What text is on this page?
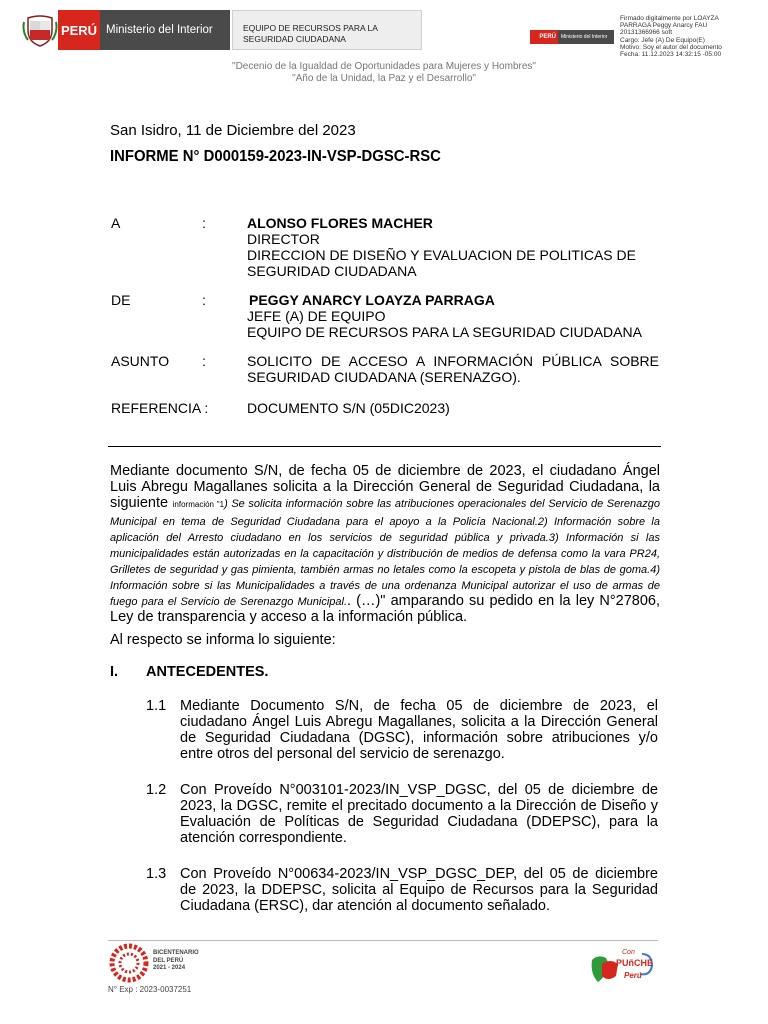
PERÚ Ministerio del Interior	EQUIPO DE RECURSOS PARA LA SEGURIDAD CIUDADANA	PERÚ	Ministerio del Interior
Firmado digitalmente por LOAYZA
PARRAGA Peggy Anarcy FAU
20131366966 soft
Cargo: Jefe (A) De Equipo(E)
Motivo: Soy el autor del documento
Fecha: 11.12.2023 14:32:15 -05:00
"Decenio de la Igualdad de Oportunidades para Mujeres y Hombres"
"Año de la Unidad, la Paz y el Desarrollo"
San Isidro, 11 de Diciembre del 2023
INFORME N° D000159-2023-IN-VSP-DGSC-RSC
A	:	ALONSO FLORES MACHER
DIRECTOR
DIRECCION DE DISEÑO Y EVALUACION DE POLITICAS DE
SEGURIDAD CIUDADANA
DE	:	PEGGY ANARCY LOAYZA PARRAGA
JEFE (A) DE EQUIPO
EQUIPO DE RECURSOS PARA LA SEGURIDAD CIUDADANA
ASUNTO :	SOLICITO DE ACCESO A INFORMACIÓN PÚBLICA SOBRE SEGURIDAD CIUDADANA (SERENAZGO).
REFERENCIA :	DOCUMENTO S/N (05DIC2023)
Mediante documento S/N, de fecha 05 de diciembre de 2023, el ciudadano Ángel Luis Abregu Magallanes solicita a la Dirección General de Seguridad Ciudadana, la siguiente información "1) Se solicita información sobre las atribuciones operacionales del Servicio de Serenazgo Municipal en tema de Seguridad Ciudadana para el apoyo a la Policía Nacional.2) Información sobre la aplicación del Arresto ciudadano en los servicios de seguridad pública y privada.3) Información si las municipalidades están autorizadas en la capacitación y distribución de medios de defensa como la vara PR24, Grilletes de seguridad y gas pimienta, también armas no letales como la escopeta y pistola de blas de goma.4) Información sobre si las Municipalidades a través de una ordenanza Municipal autorizar el uso de armas de fuego para el Servicio de Serenazgo Municipal.. (…)" amparando su pedido en la ley N°27806, Ley de transparencia y acceso a la información pública.
Al respecto se informa lo siguiente:
I. ANTECEDENTES.
1.1 Mediante Documento S/N, de fecha 05 de diciembre de 2023, el ciudadano Ángel Luis Abregu Magallanes, solicita a la Dirección General de Seguridad Ciudadana (DGSC), información sobre atribuciones y/o entre otros del personal del servicio de serenazgo.
1.2 Con Proveído N°003101-2023/IN_VSP_DGSC, del 05 de diciembre de 2023, la DGSC, remite el precitado documento a la Dirección de Diseño y Evaluación de Políticas de Seguridad Ciudadana (DDEPSC), para la atención correspondiente.
1.3 Con Proveído N°00634-2023/IN_VSP_DGSC_DEP, del 05 de diciembre de 2023, la DDEPSC, solicita al Equipo de Recursos para la Seguridad Ciudadana (ERSC), dar atención al documento señalado.
BICENTENARIO
DEL PERÚ
2021 - 2024
Con
PUñCHE
Perú
N° Exp : 2023-0037251
